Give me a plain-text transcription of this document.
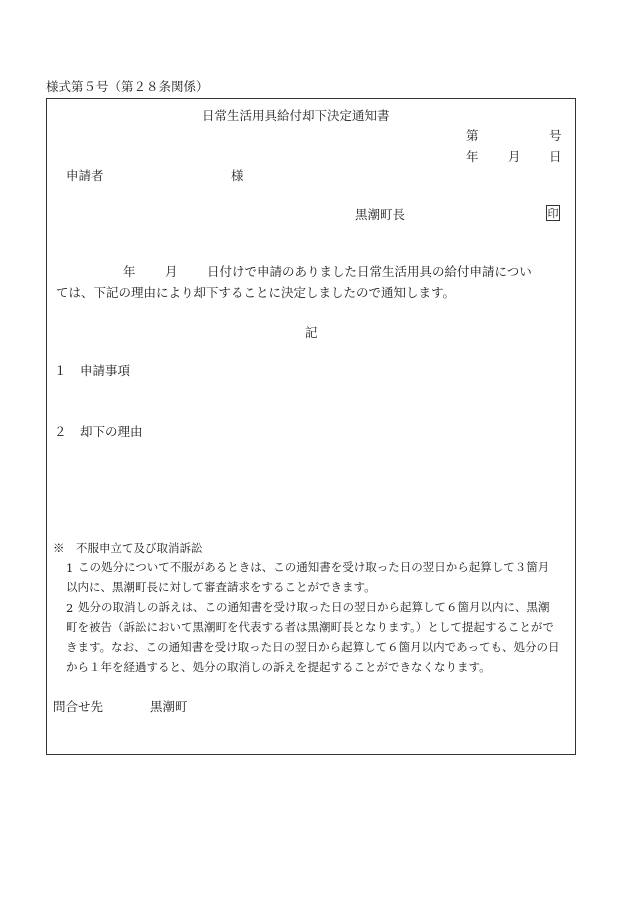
様式第５号（第２８条関係）
日常生活用具給付却下決定通知書
第	号
年 月 日
申請者	様
黒潮町長	印
年 月 日付けで申請のありました日常生活用具の給付申請につい
ては、下記の理由により却下することに決定しましたので通知します。
記
１ 申請事項
２ 却下の理由
※　不服申立て及び取消訴訟
1 この処分について不服があるときは、この通知書を受け取った日の翌日から起算して３箇月以内に、黒潮町長に対して審査請求をすることができます。
2 処分の取消しの訴えは、この通知書を受け取った日の翌日から起算して６箇月以内に、黒潮町を被告（訴訟において黒潮町を代表する者は黒潮町長となります。）として提起することができます。なお、この通知書を受け取った日の翌日から起算して６箇月以内であっても、処分の日から１年を経過すると、処分の取消しの訴えを提起することができなくなります。
問合せ先	黒潮町
